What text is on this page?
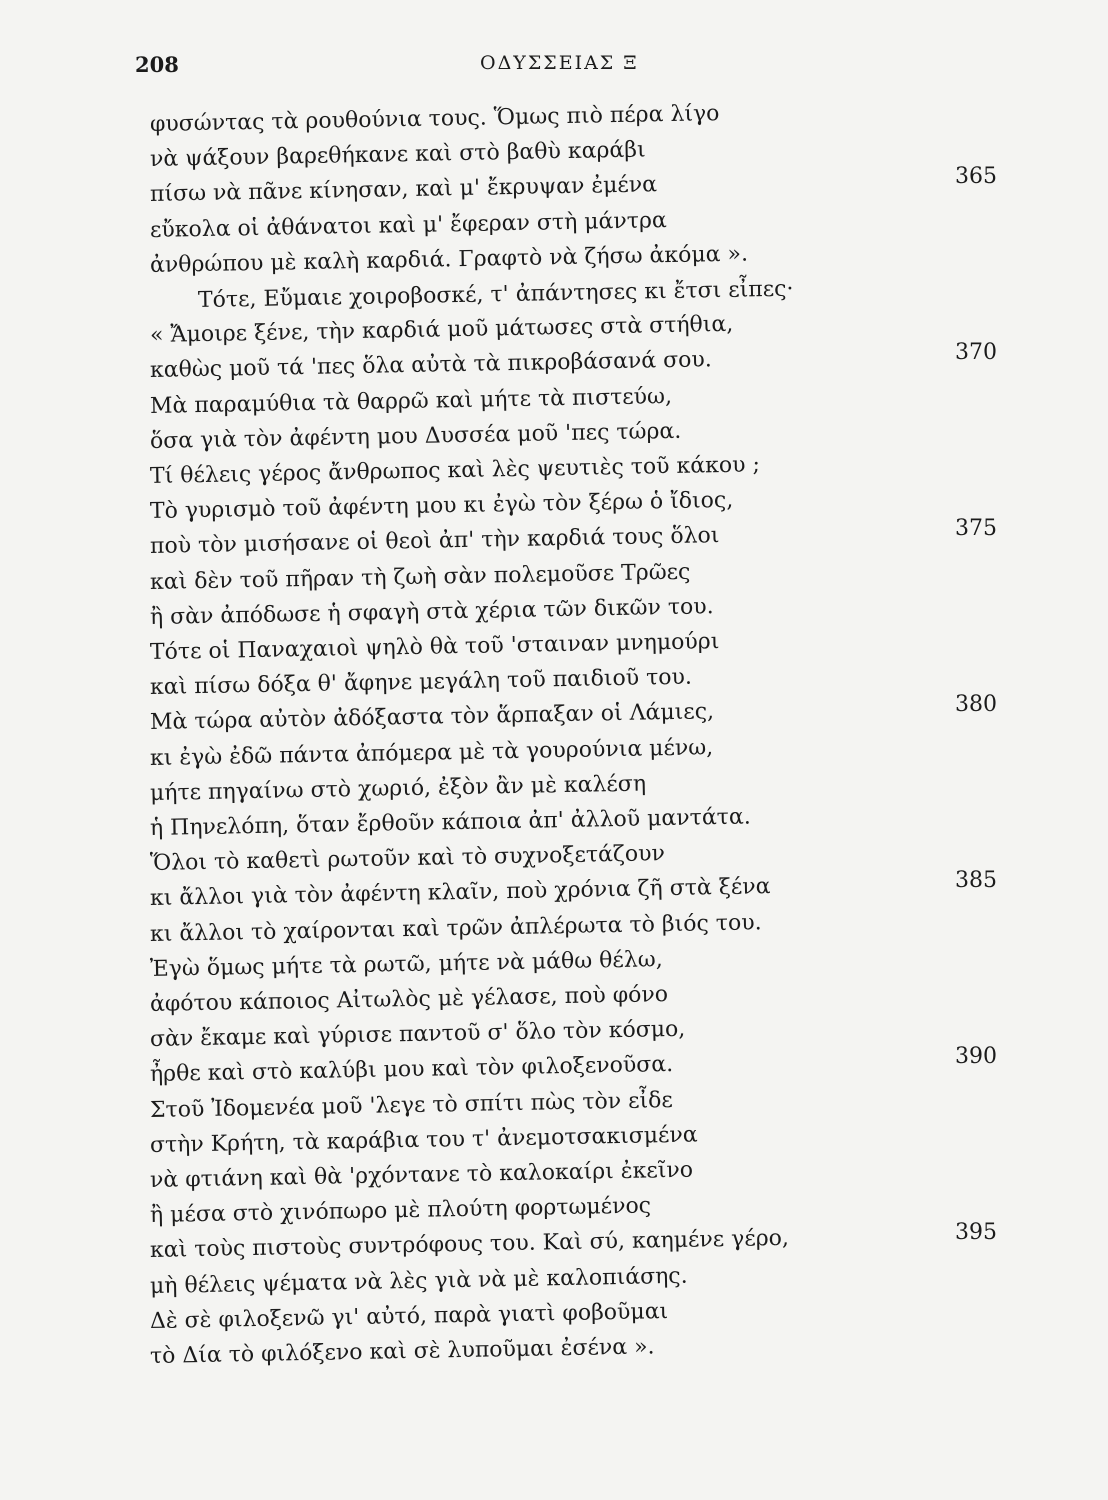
208	ΟΔΥΣΣΕΙΑΣ Ξ
φυσώντας τὰ ρουθούνια τους. Ὅμως πιὸ πέρα λίγο
νὰ ψάξουν βαρεθήκανε καὶ στὸ βαθὺ καράβι
πίσω νὰ πᾶνε κίνησαν, καὶ μ' ἔκρυψαν ἐμένα	365
εὔκολα οἱ ἀθάνατοι καὶ μ' ἔφεραν στὴ μάντρα
ἀνθρώπου μὲ καλὴ καρδιά. Γραφτὸ νὰ ζήσω ἀκόμα ».
Τότε, Εὔμαιε χοιροβοσκέ, τ' ἀπάντησες κι ἔτσι εἶπες·
« Ἄμοιρε ξένε, τὴν καρδιά μοῦ μάτωσες στὰ στήθια,
καθὼς μοῦ τά 'πες ὅλα αὐτὰ τὰ πικροβάσανά σου.	370
Μὰ παραμύθια τὰ θαρρῶ καὶ μήτε τὰ πιστεύω,
ὅσα γιὰ τὸν ἀφέντη μου Δυσσέα μοῦ 'πες τώρα.
Τί θέλεις γέρος ἄνθρωπος καὶ λὲς ψευτιὲς τοῦ κάκου ;
Τὸ γυρισμὸ τοῦ ἀφέντη μου κι ἐγὼ τὸν ξέρω ὁ ἴδιος,
ποὺ τὸν μισήσανε οἱ θεοὶ ἀπ' τὴν καρδιά τους ὅλοι	375
καὶ δὲν τοῦ πῆραν τὴ ζωὴ σὰν πολεμοῦσε Τρῶες
ἢ σὰν ἀπόδωσε ἡ σφαγὴ στὰ χέρια τῶν δικῶν του.
Τότε οἱ Παναχαιοὶ ψηλὸ θὰ τοῦ 'σταιναν μνημούρι
καὶ πίσω δόξα θ' ἄφηνε μεγάλη τοῦ παιδιοῦ του.
Μὰ τώρα αὐτὸν ἀδόξαστα τὸν ἅρπαξαν οἱ Λάμιες,	380
κι ἐγὼ ἐδῶ πάντα ἀπόμερα μὲ τὰ γουρούνια μένω,
μήτε πηγαίνω στὸ χωριό, ἐξὸν ἂν μὲ καλέση
ἡ Πηνελόπη, ὅταν ἔρθοῦν κάποια ἀπ' ἀλλοῦ μαντάτα.
Ὅλοι τὸ καθετὶ ρωτοῦν καὶ τὸ συχνοξετάζουν
κι ἄλλοι γιὰ τὸν ἀφέντη κλαῖν, ποὺ χρόνια ζῆ στὰ ξένα	385
κι ἄλλοι τὸ χαίρονται καὶ τρῶν ἀπλέρωτα τὸ βιός του.
Ἐγὼ ὅμως μήτε τὰ ρωτῶ, μήτε νὰ μάθω θέλω,
ἀφότου κάποιος Αἰτωλὸς μὲ γέλασε, ποὺ φόνο
σὰν ἔκαμε καὶ γύρισε παντοῦ σ' ὅλο τὸν κόσμο,
ἦρθε καὶ στὸ καλύβι μου καὶ τὸν φιλοξενοῦσα.	390
Στοῦ Ἰδομενέα μοῦ 'λεγε τὸ σπίτι πὼς τὸν εἶδε
στὴν Κρήτη, τὰ καράβια του τ' ἀνεμοτσακισμένα
νὰ φτιάνη καὶ θὰ 'ρχόντανε τὸ καλοκαίρι ἐκεῖνο
ἢ μέσα στὸ χινόπωρο μὲ πλούτη φορτωμένος
καὶ τοὺς πιστοὺς συντρόφους του. Καὶ σύ, καημένε γέρο,	395
μὴ θέλεις ψέματα νὰ λὲς γιὰ νὰ μὲ καλοπιάσης.
Δὲ σὲ φιλοξενῶ γι' αὐτό, παρὰ γιατὶ φοβοῦμαι
τὸ Δία τὸ φιλόξενο καὶ σὲ λυποῦμαι ἐσένα ».
